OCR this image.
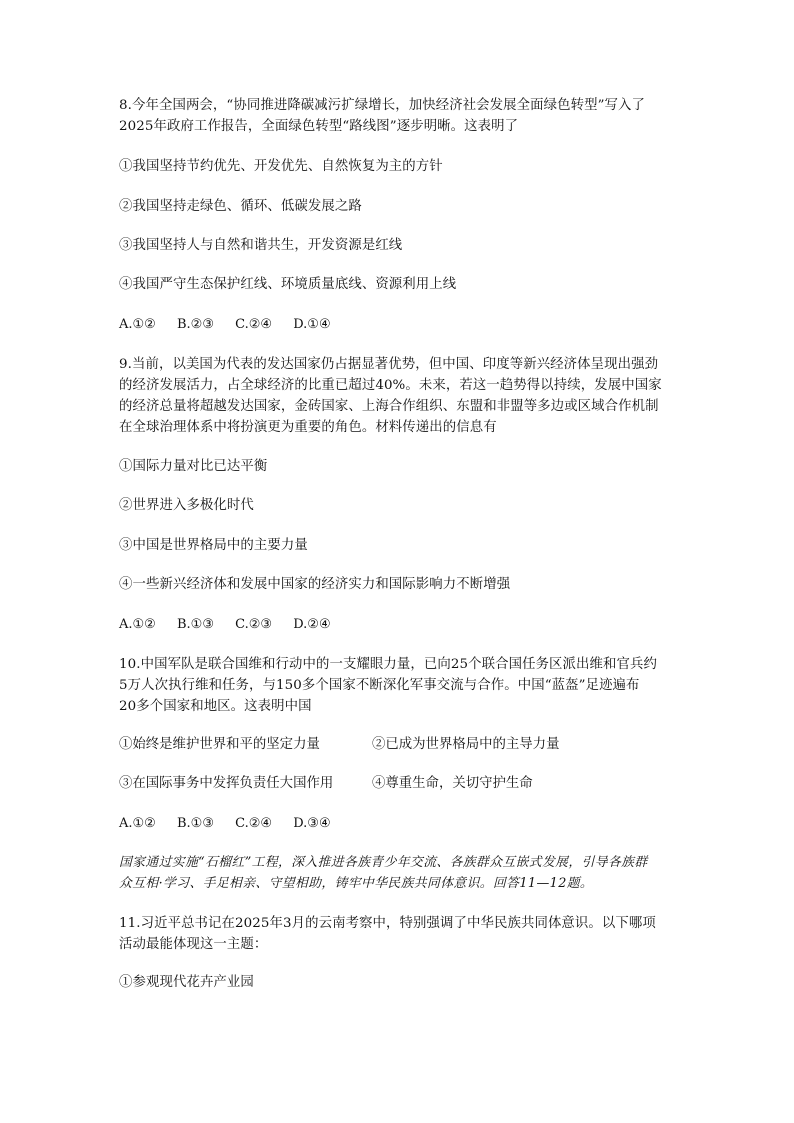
8.今年全国两会，“协同推进降碳减污扩绿增长，加快经济社会发展全面绿色转型”写入了
2025年政府工作报告，全面绿色转型“路线图”逐步明晰。这表明了
①我国坚持节约优先、开发优先、自然恢复为主的方针
②我国坚持走绿色、循环、低碳发展之路
③我国坚持人与自然和谐共生，开发资源是红线
④我国严守生态保护红线、环境质量底线、资源利用上线
A.①② B.②③ C.②④ D.①④
9.当前，以美国为代表的发达国家仍占据显著优势，但中国、印度等新兴经济体呈现出强劲
的经济发展活力，占全球经济的比重已超过40%。未来，若这一趋势得以持续，发展中国家
的经济总量将超越发达国家，金砖国家、上海合作组织、东盟和非盟等多边或区域合作机制
在全球治理体系中将扮演更为重要的角色。材料传递出的信息有
①国际力量对比已达平衡
②世界进入多极化时代
③中国是世界格局中的主要力量
④一些新兴经济体和发展中国家的经济实力和国际影响力不断增强
A.①② B.①③ C.②③ D.②④
10.中国军队是联合国维和行动中的一支耀眼力量，已向25个联合国任务区派出维和官兵约
5万人次执行维和任务，与150多个国家不断深化军事交流与合作。中国“蓝盔”足迹遍布
20多个国家和地区。这表明中国
①始终是维护世界和平的坚定力量	②已成为世界格局中的主导力量
③在国际事务中发挥负责任大国作用	④尊重生命，关切守护生命
A.①② B.①③ C.②④ D.③④
国家通过实施“石榴红”工程，深入推进各族青少年交流、各族群众互嵌式发展，引导各族群
众互相·学习、手足相亲、守望相助，铸牢中华民族共同体意识。回答11—12题。
11.习近平总书记在2025年3月的云南考察中，特别强调了中华民族共同体意识。以下哪项
活动最能体现这一主题：
①参观现代花卉产业园
